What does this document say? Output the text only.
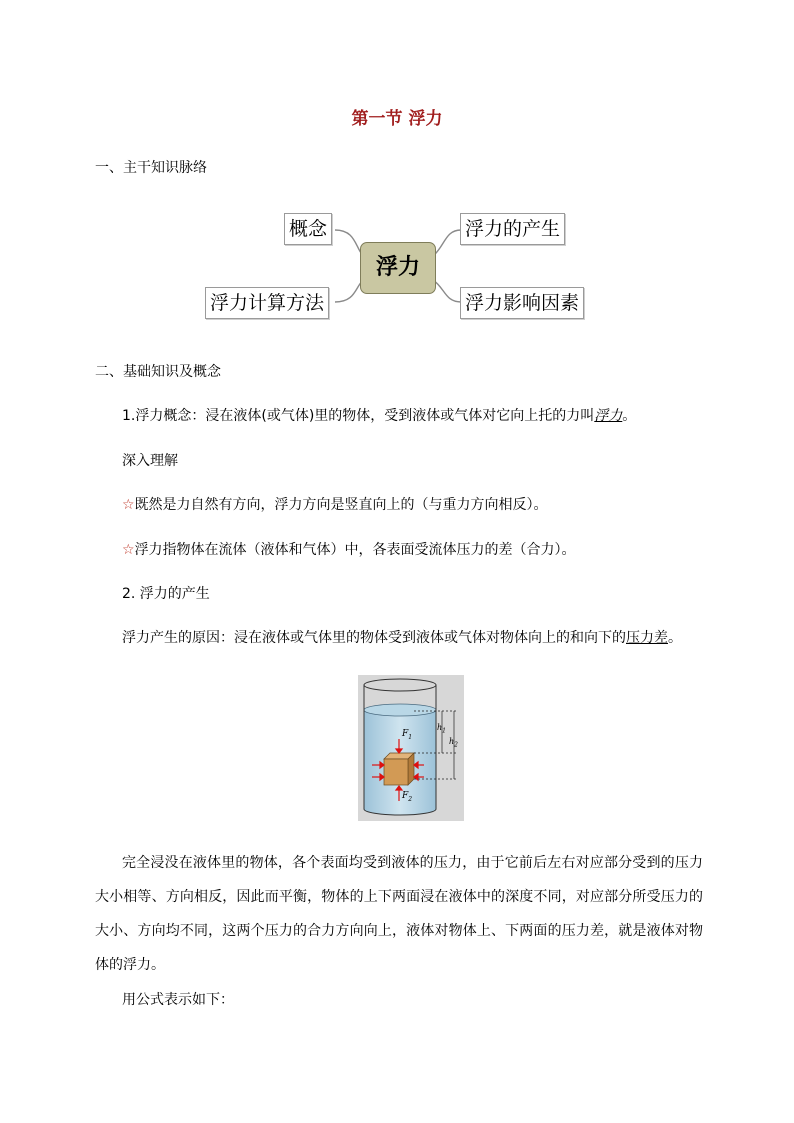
第一节 浮力
一、主干知识脉络
概念
浮力计算方法
浮力
浮力的产生
浮力影响因素
二、基础知识及概念
1.浮力概念：浸在液体(或气体)里的物体，受到液体或气体对它向上托的力叫浮力。
深入理解
☆既然是力自然有方向，浮力方向是竖直向上的（与重力方向相反）。
☆浮力指物体在流体（液体和气体）中，各表面受流体压力的差（合力）。
2. 浮力的产生
浮力产生的原因：浸在液体或气体里的物体受到液体或气体对物体向上的和向下的压力差。
$F_1$
$F_2$
$h_1$
$h_2$
完全浸没在液体里的物体，各个表面均受到液体的压力，由于它前后左右对应部分受到的压力大小相等、方向相反，因此而平衡，物体的上下两面浸在液体中的深度不同，对应部分所受压力的大小、方向均不同，这两个压力的合力方向向上，液体对物体上、下两面的压力差，就是液体对物体的浮力。
用公式表示如下：
